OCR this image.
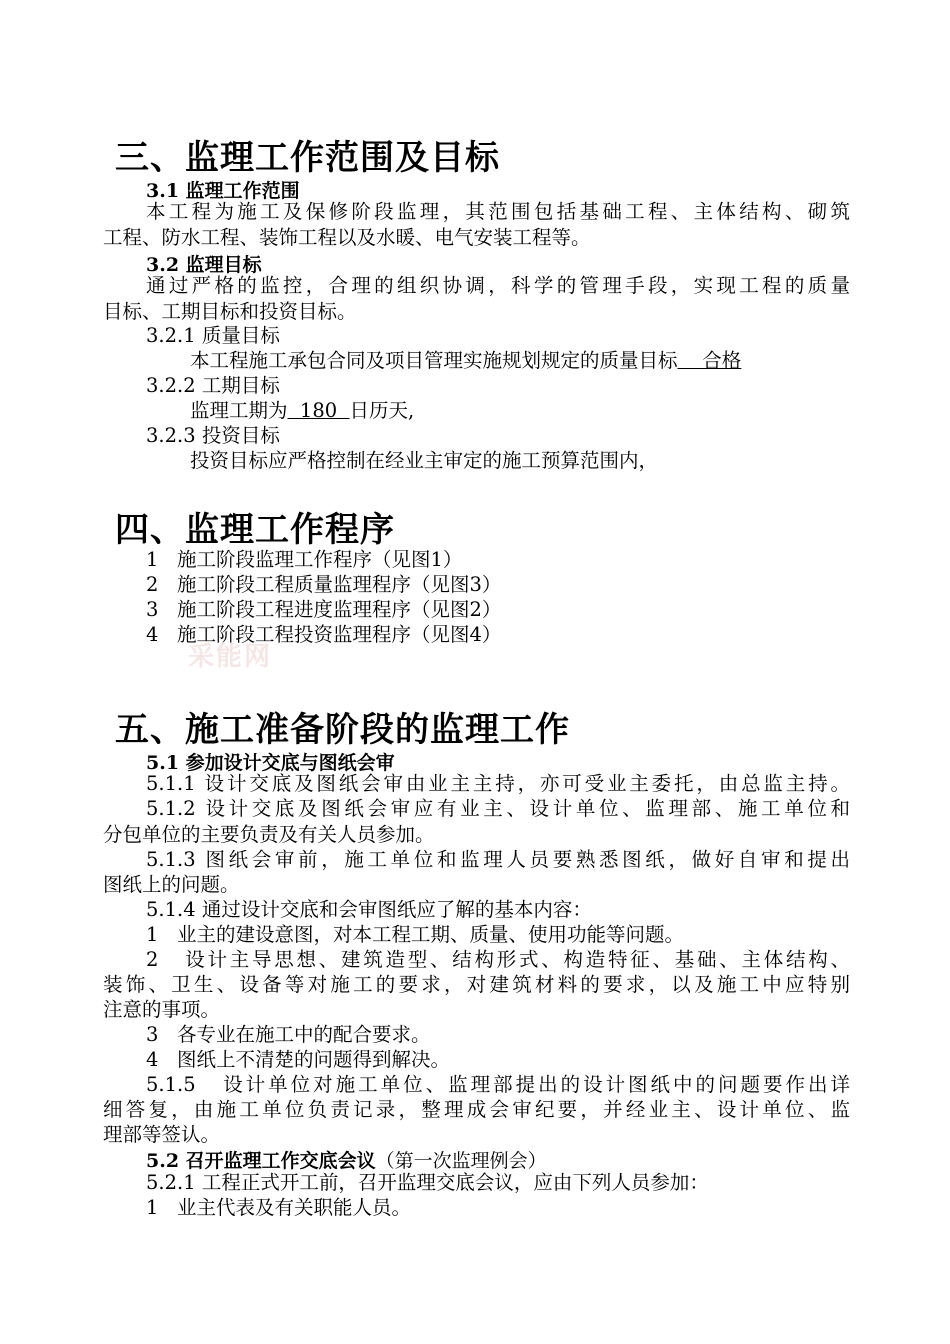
三、监理工作范围及目标
3.1 监理工作范围
本工程为施工及保修阶段监理，其范围包括基础工程、主体结构、砌筑
工程、防水工程、装饰工程以及水暖、电气安装工程等。
3.2 监理目标
通过严格的监控，合理的组织协调，科学的管理手段，实现工程的质量
目标、工期目标和投资目标。
3.2.1 质量目标
本工程施工承包合同及项目管理实施规划规定的质量目标    合格
3.2.2 工期目标
监理工期为  180  日历天,
3.2.3 投资目标
投资目标应严格控制在经业主审定的施工预算范围内，
四、监理工作程序
1   施工阶段监理工作程序（见图1）
2   施工阶段工程质量监理程序（见图3）
3   施工阶段工程进度监理程序（见图2）
4   施工阶段工程投资监理程序（见图4）
采能网
五、施工准备阶段的监理工作
5.1 参加设计交底与图纸会审
5.1.1 设计交底及图纸会审由业主主持，亦可受业主委托，由总监主持。
5.1.2 设计交底及图纸会审应有业主、设计单位、监理部、施工单位和
分包单位的主要负责及有关人员参加。
5.1.3 图纸会审前，施工单位和监理人员要熟悉图纸，做好自审和提出
图纸上的问题。
5.1.4 通过设计交底和会审图纸应了解的基本内容：
1   业主的建设意图，对本工程工期、质量、使用功能等问题。
2   设计主导思想、建筑造型、结构形式、构造特征、基础、主体结构、
装饰、卫生、设备等对施工的要求，对建筑材料的要求，以及施工中应特别
注意的事项。
3   各专业在施工中的配合要求。
4   图纸上不清楚的问题得到解决。
5.1.5   设计单位对施工单位、监理部提出的设计图纸中的问题要作出详
细答复，由施工单位负责记录，整理成会审纪要，并经业主、设计单位、监
理部等签认。
5.2 召开监理工作交底会议（第一次监理例会）
5.2.1 工程正式开工前，召开监理交底会议，应由下列人员参加：
1   业主代表及有关职能人员。
